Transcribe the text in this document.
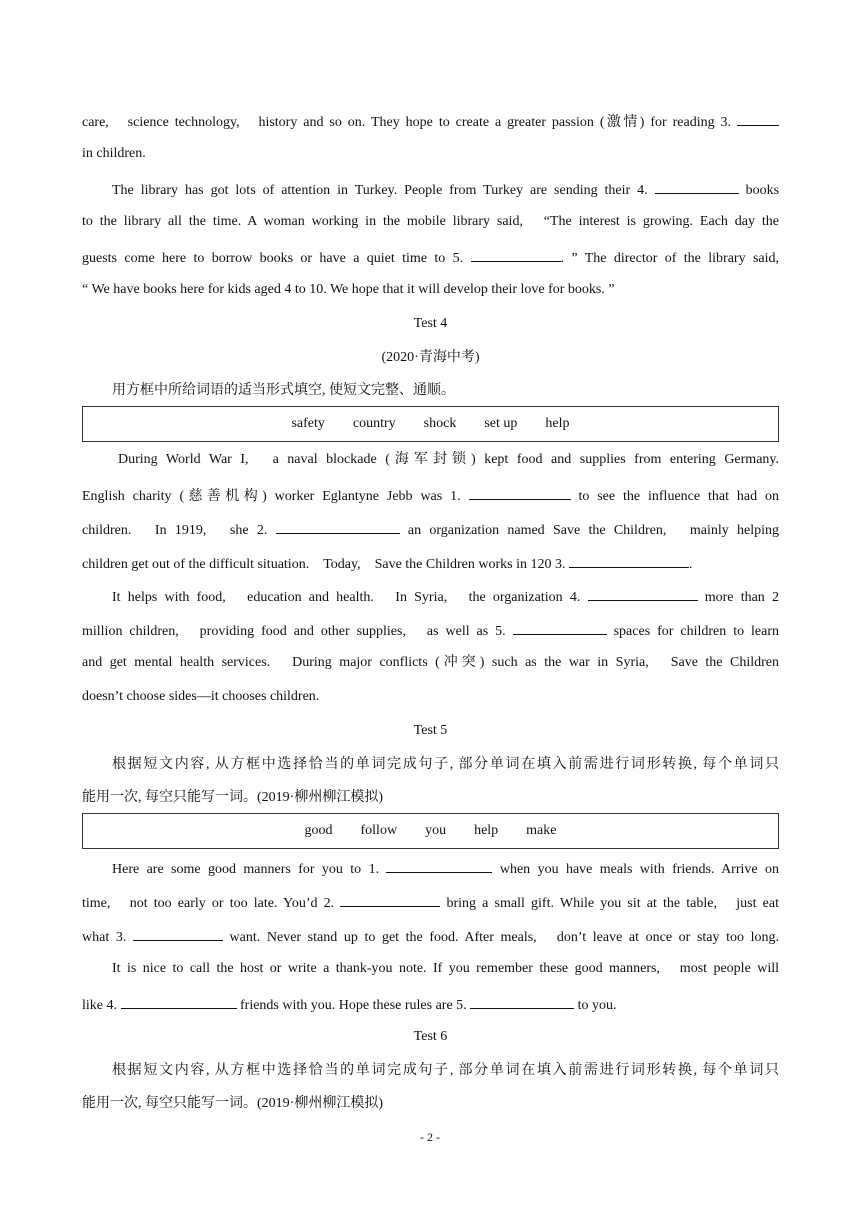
care,　science technology,　history and so on. They hope to create a greater passion (激情) for reading 3.
in children.
The library has got lots of attention in Turkey. People from Turkey are sending their 4.	books
to the library all the time. A woman working in the mobile library said,　“The interest is growing. Each day the
guests come here to borrow books or have a quiet time to 5.	. ” The director of the library said,
“ We have books here for kids aged 4 to 10. We hope that it will develop their love for books. ”
Test 4
(2020·青海中考)
用方框中所给词语的适当形式填空, 使短文完整、通顺。
safety country shock set up help
During World War I,　a naval blockade (海军封锁) kept food and supplies from entering Germany.
English charity (慈善机构) worker Eglantyne Jebb was 1.	to see the influence that had on
children.　In 1919,　she 2.	an organization named Save the Children,　mainly helping
children get out of the difficult situation.　Today,　Save the Children works in 120 3.	.
It helps with food,　education and health.　In Syria,　the organization 4.	more than 2
million children,　providing food and other supplies,　as well as 5.	spaces for children to learn
and get mental health services.　During major conflicts (冲突) such as the war in Syria,　Save the Children
doesn’t choose sides—it chooses children.
Test 5
根据短文内容, 从方框中选择恰当的单词完成句子, 部分单词在填入前需进行词形转换, 每个单词只
能用一次, 每空只能写一词。(2019·柳州柳江模拟)
good follow you help make
Here are some good manners for you to 1.	when you have meals with friends. Arrive on
time,　not too early or too late. You’d 2.	bring a small gift. While you sit at the table,　just eat
what 3.	want. Never stand up to get the food. After meals,　don’t leave at once or stay too long.
It is nice to call the host or write a thank-you note. If you remember these good manners,　most people will
like 4.	friends with you. Hope these rules are 5.	to you.
Test 6
根据短文内容, 从方框中选择恰当的单词完成句子, 部分单词在填入前需进行词形转换, 每个单词只
能用一次, 每空只能写一词。(2019·柳州柳江模拟)
- 2 -
